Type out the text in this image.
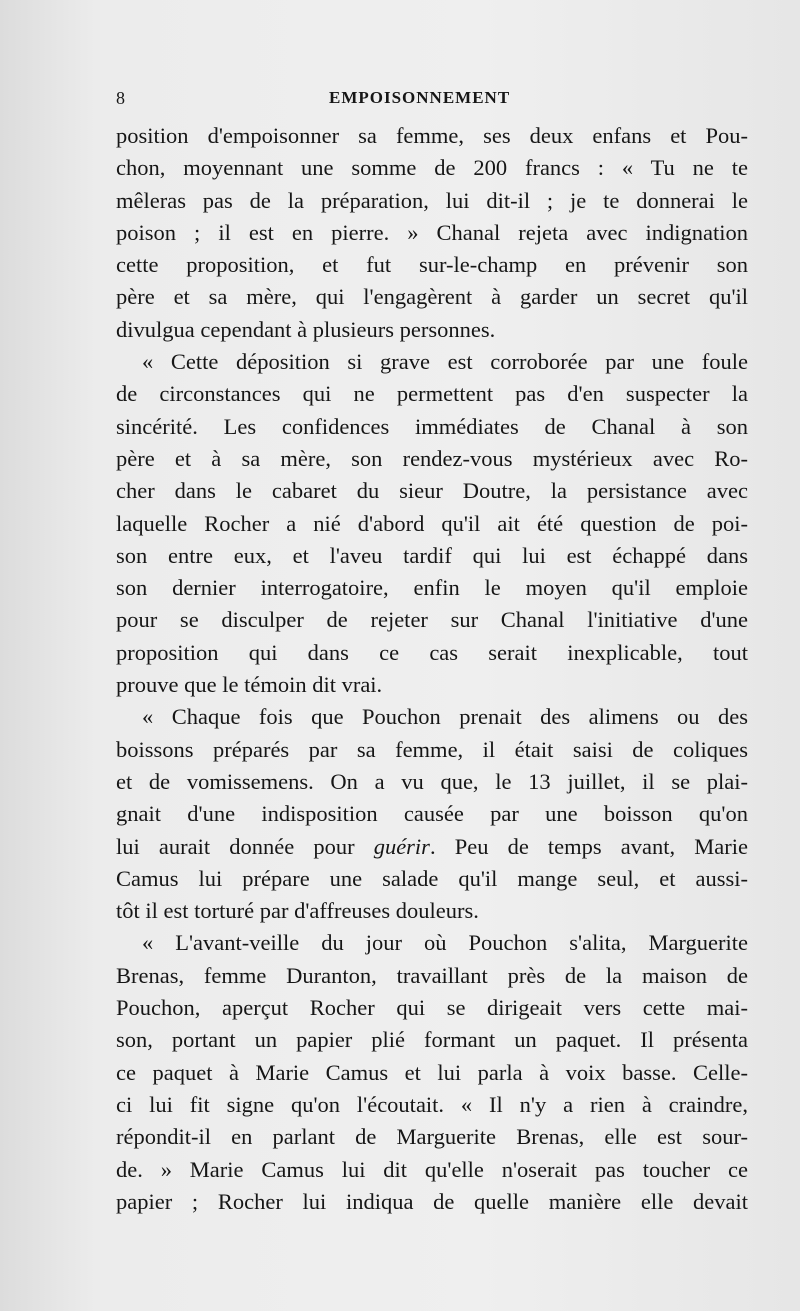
8	EMPOISONNEMENT
position d'empoisonner sa femme, ses deux enfans et Pou-
chon, moyennant une somme de 200 francs : « Tu ne te
mêleras pas de la préparation, lui dit-il ; je te donnerai le
poison ; il est en pierre. » Chanal rejeta avec indignation
cette proposition, et fut sur-le-champ en prévenir son
père et sa mère, qui l'engagèrent à garder un secret qu'il
divulgua cependant à plusieurs personnes.
« Cette déposition si grave est corroborée par une foule
de circonstances qui ne permettent pas d'en suspecter la
sincérité. Les confidences immédiates de Chanal à son
père et à sa mère, son rendez-vous mystérieux avec Ro-
cher dans le cabaret du sieur Doutre, la persistance avec
laquelle Rocher a nié d'abord qu'il ait été question de poi-
son entre eux, et l'aveu tardif qui lui est échappé dans
son dernier interrogatoire, enfin le moyen qu'il emploie
pour se disculper de rejeter sur Chanal l'initiative d'une
proposition qui dans ce cas serait inexplicable, tout
prouve que le témoin dit vrai.
« Chaque fois que Pouchon prenait des alimens ou des
boissons préparés par sa femme, il était saisi de coliques
et de vomissemens. On a vu que, le 13 juillet, il se plai-
gnait d'une indisposition causée par une boisson qu'on
lui aurait donnée pour guérir. Peu de temps avant, Marie
Camus lui prépare une salade qu'il mange seul, et aussi-
tôt il est torturé par d'affreuses douleurs.
« L'avant-veille du jour où Pouchon s'alita, Marguerite
Brenas, femme Duranton, travaillant près de la maison de
Pouchon, aperçut Rocher qui se dirigeait vers cette mai-
son, portant un papier plié formant un paquet. Il présenta
ce paquet à Marie Camus et lui parla à voix basse. Celle-
ci lui fit signe qu'on l'écoutait. « Il n'y a rien à craindre,
répondit-il en parlant de Marguerite Brenas, elle est sour-
de. » Marie Camus lui dit qu'elle n'oserait pas toucher ce
papier ; Rocher lui indiqua de quelle manière elle devait
